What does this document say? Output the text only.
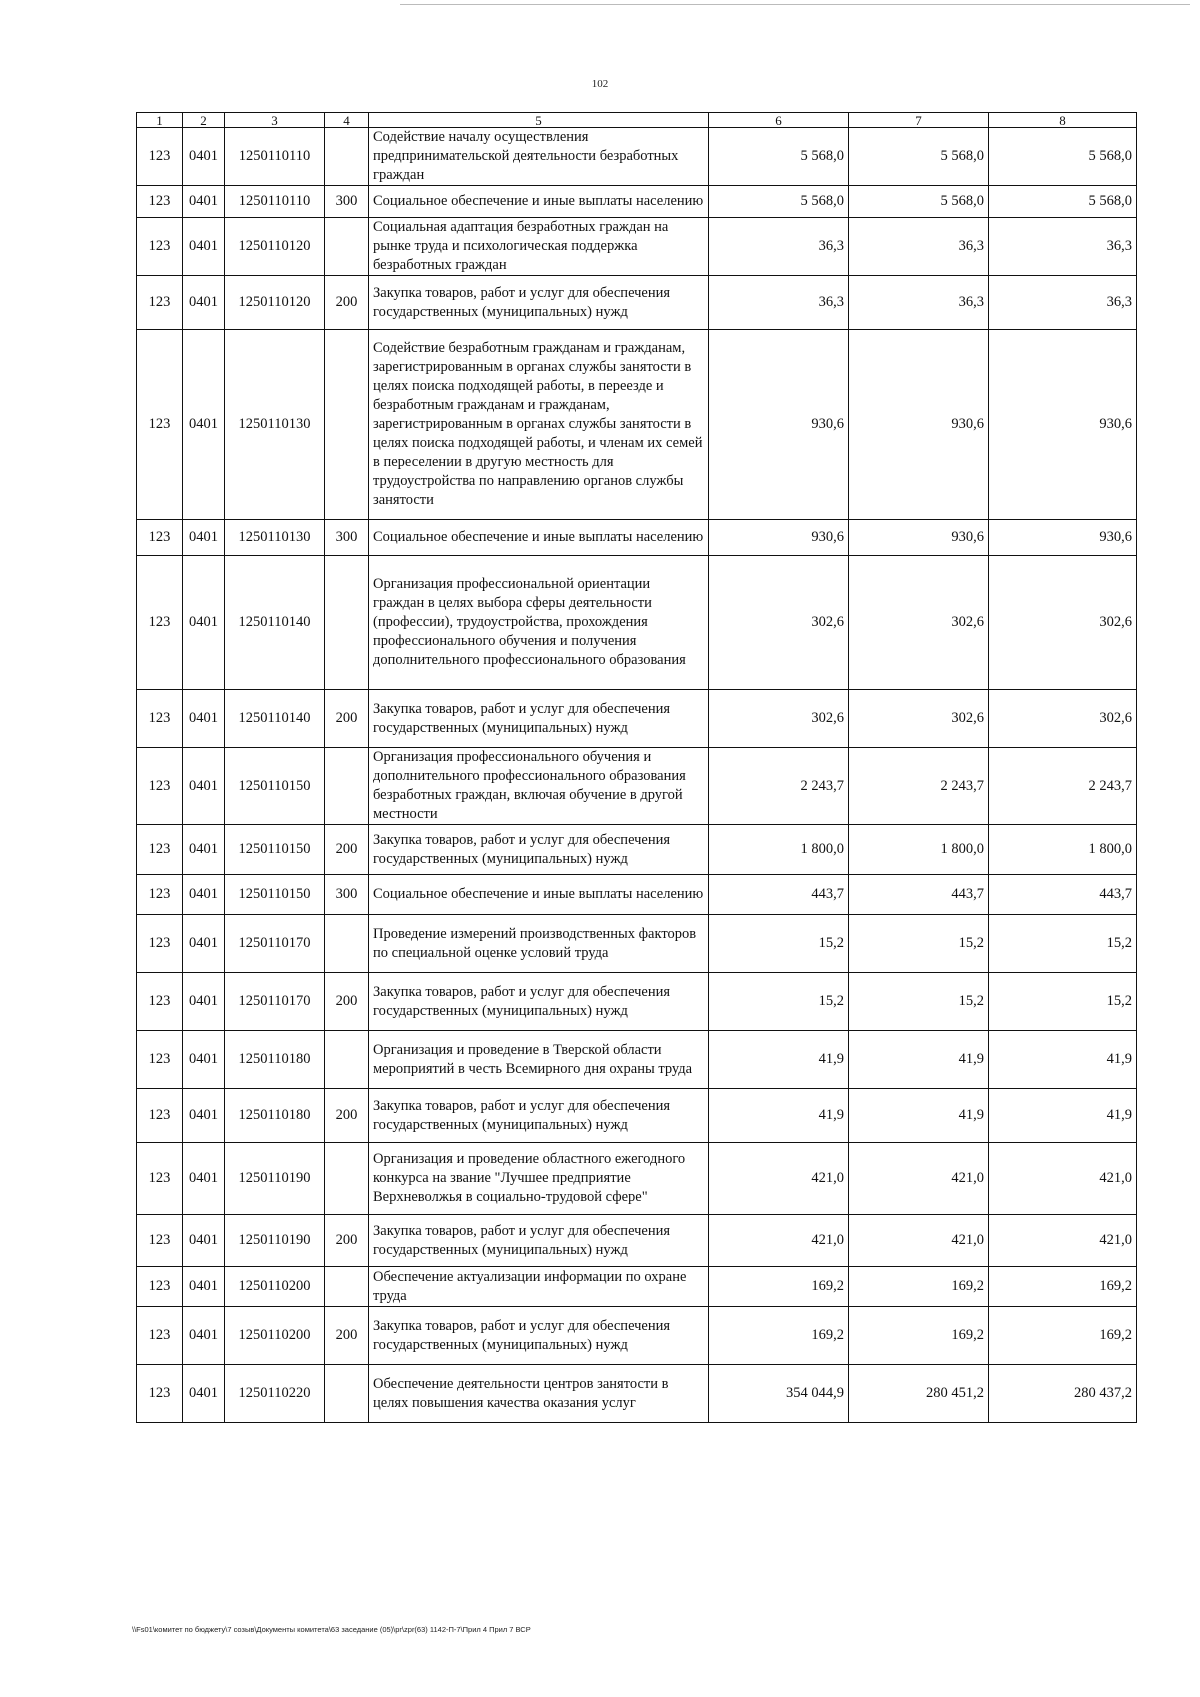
102
1	2	3	4	5	6	7	8
123	0401	1250110110		Содействие началу осуществления предпринимательской деятельности безработных граждан	5 568,0	5 568,0	5 568,0
123	0401	1250110110	300	Социальное обеспечение и иные выплаты населению	5 568,0	5 568,0	5 568,0
123	0401	1250110120		Социальная адаптация безработных граждан на рынке труда и психологическая поддержка безработных граждан	36,3	36,3	36,3
123	0401	1250110120	200	Закупка товаров, работ и услуг для обеспечения государственных (муниципальных) нужд	36,3	36,3	36,3
123	0401	1250110130		Содействие безработным гражданам и гражданам, зарегистрированным в органах службы занятости в целях поиска подходящей работы, в переезде и безработным гражданам и гражданам, зарегистрированным в органах службы занятости в целях поиска подходящей работы, и членам их семей в переселении в другую местность для трудоустройства по направлению органов службы занятости	930,6	930,6	930,6
123	0401	1250110130	300	Социальное обеспечение и иные выплаты населению	930,6	930,6	930,6
123	0401	1250110140		Организация профессиональной ориентации граждан в целях выбора сферы деятельности (профессии), трудоустройства, прохождения профессионального обучения и получения дополнительного профессионального образования	302,6	302,6	302,6
123	0401	1250110140	200	Закупка товаров, работ и услуг для обеспечения государственных (муниципальных) нужд	302,6	302,6	302,6
123	0401	1250110150		Организация профессионального обучения и дополнительного профессионального образования безработных граждан, включая обучение в другой местности	2 243,7	2 243,7	2 243,7
123	0401	1250110150	200	Закупка товаров, работ и услуг для обеспечения государственных (муниципальных) нужд	1 800,0	1 800,0	1 800,0
123	0401	1250110150	300	Социальное обеспечение и иные выплаты населению	443,7	443,7	443,7
123	0401	1250110170		Проведение измерений производственных факторов по специальной оценке условий труда	15,2	15,2	15,2
123	0401	1250110170	200	Закупка товаров, работ и услуг для обеспечения государственных (муниципальных) нужд	15,2	15,2	15,2
123	0401	1250110180		Организация и проведение в Тверской области мероприятий в честь Всемирного дня охраны труда	41,9	41,9	41,9
123	0401	1250110180	200	Закупка товаров, работ и услуг для обеспечения государственных (муниципальных) нужд	41,9	41,9	41,9
123	0401	1250110190		Организация и проведение областного ежегодного конкурса на звание "Лучшее предприятие Верхневолжья в социально-трудовой сфере"	421,0	421,0	421,0
123	0401	1250110190	200	Закупка товаров, работ и услуг для обеспечения государственных (муниципальных) нужд	421,0	421,0	421,0
123	0401	1250110200		Обеспечение актуализации информации по охране труда	169,2	169,2	169,2
123	0401	1250110200	200	Закупка товаров, работ и услуг для обеспечения государственных (муниципальных) нужд	169,2	169,2	169,2
123	0401	1250110220		Обеспечение деятельности центров занятости в целях повышения качества оказания услуг	354 044,9	280 451,2	280 437,2
\\Fs01\комитет по бюджету\7 созыв\Документы комитета\63 заседание (05)\pr\zpr(63) 1142-П-7\Прил 4 Прил 7 ВСР
